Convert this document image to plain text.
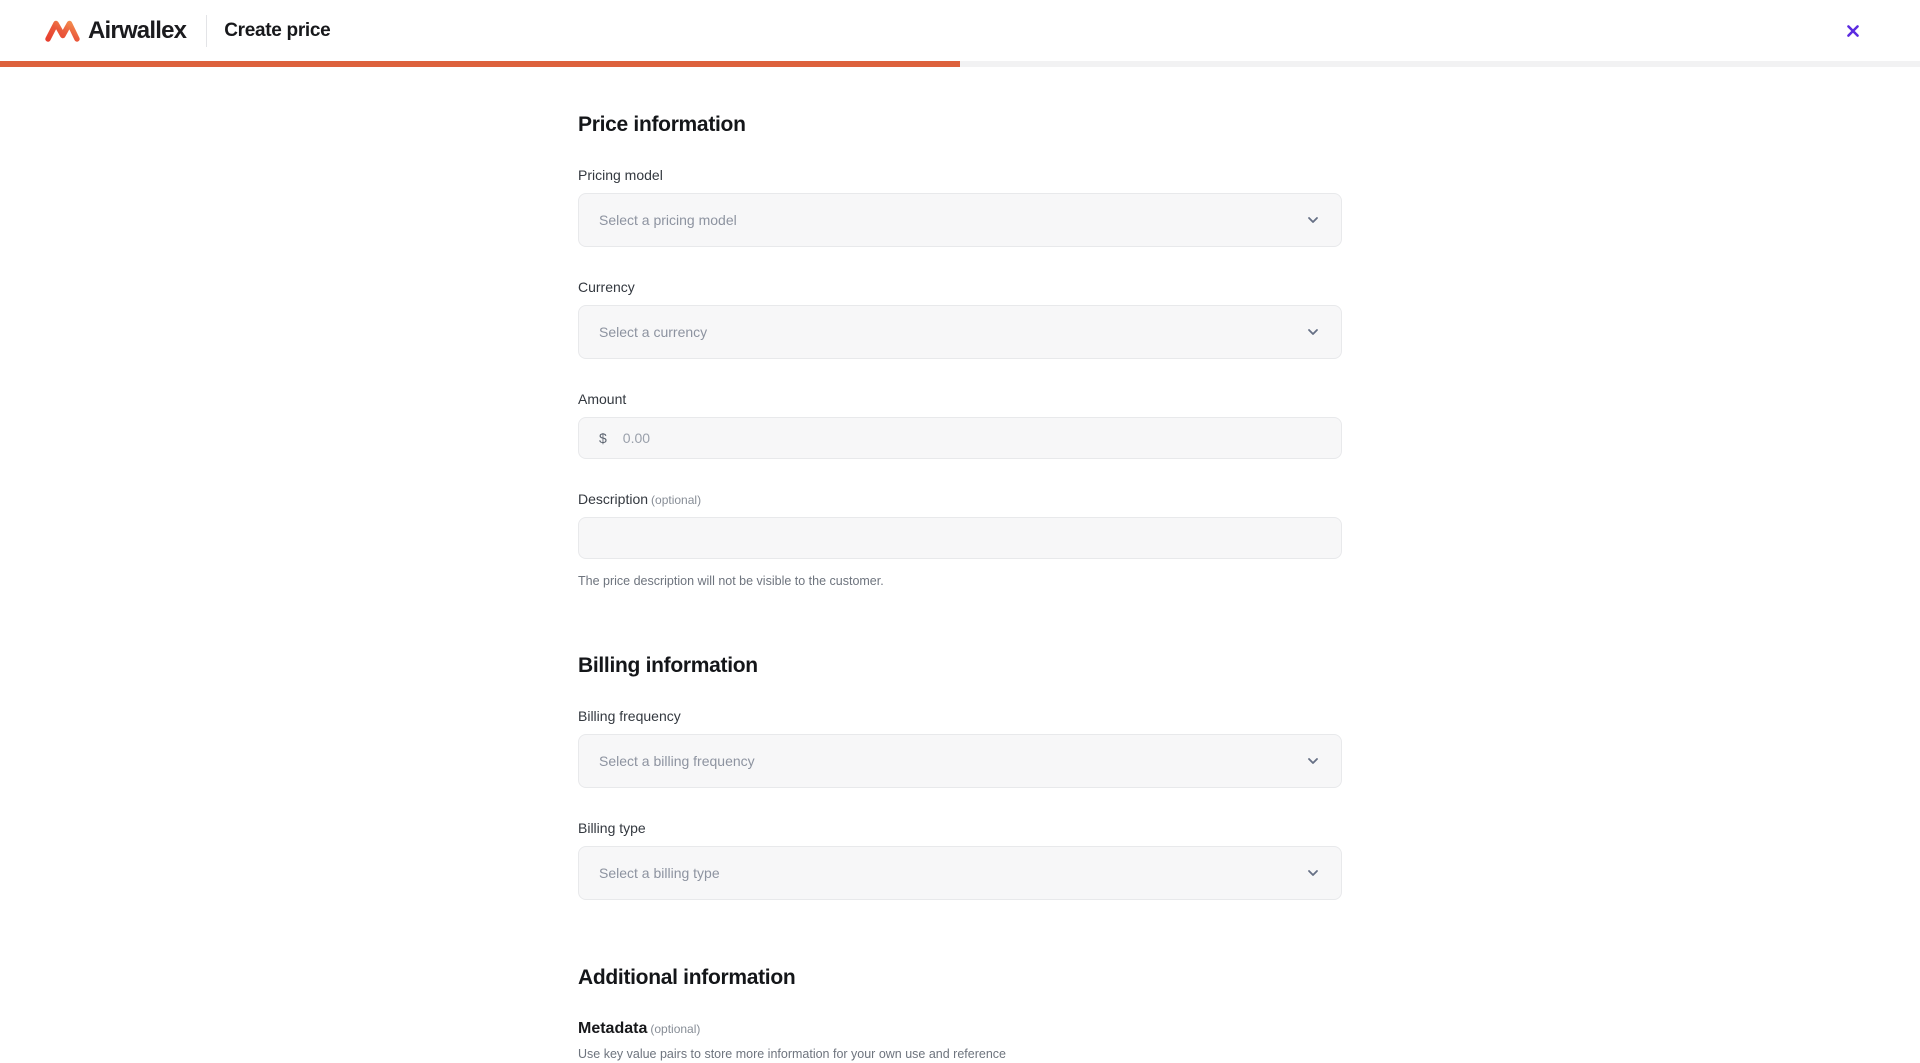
Airwallex Create price
Price information
Pricing model
Select a pricing model
Currency
Select a currency
Amount
$
0.00
Description (optional)
The price description will not be visible to the customer.
Billing information
Billing frequency
Select a billing frequency
Billing type
Select a billing type
Additional information
Metadata (optional)
Use key value pairs to store more information for your own use and reference
